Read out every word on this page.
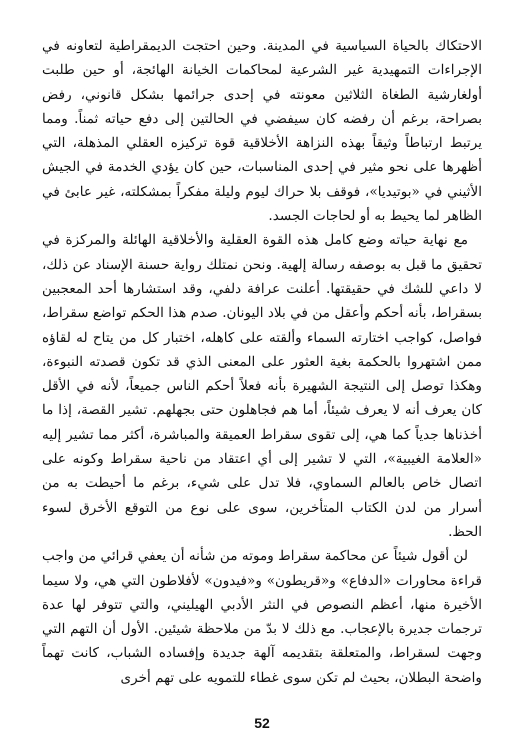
الاحتكاك بالحياة السياسية في المدينة. وحين احتجت الديمقراطية لتعاونه في الإجراءات التمهيدية غير الشرعية لمحاكمات الخيانة الهائجة، أو حين طلبت أولغارشية الطغاة الثلاثين معونته في إحدى جرائمها بشكل قانوني، رفض بصراحة، برغم أن رفضه كان سيفضي في الحالتين إلى دفع حياته ثمناً. ومما يرتبط ارتباطاً وثيقاً بهذه النزاهة الأخلاقية قوة تركيزه العقلي المذهلة، التي أظهرها على نحو مثير في إحدى المناسبات، حين كان يؤدي الخدمة في الجيش الأثيني في «بوتيديا»، فوقف بلا حراك ليوم وليلة مفكراً بمشكلته، غير عابئ في الظاهر لما يحيط به أو لحاجات الجسد.

مع نهاية حياته وضع كامل هذه القوة العقلية والأخلاقية الهائلة والمركزة في تحقيق ما قبل به بوصفه رسالة إلهية. ونحن نمتلك رواية حسنة الإسناد عن ذلك، لا داعي للشك في حقيقتها. أعلنت عرافة دلفي، وقد استشارها أحد المعجبين بسقراط، بأنه أحكم وأعقل من في بلاد اليونان. صدم هذا الحكم تواضع سقراط، فواصل، كواجب اختارته السماء وألقته على كاهله، اختبار كل من يتاح له لقاؤه ممن اشتهروا بالحكمة بغية العثور على المعنى الذي قد تكون قصدته النبوءة، وهكذا توصل إلى النتيجة الشهيرة بأنه فعلاً أحكم الناس جميعاً، لأنه في الأقل كان يعرف أنه لا يعرف شيئاً، أما هم فجاهلون حتى بجهلهم. تشير القصة، إذا ما أخذناها جدياً كما هي، إلى تقوى سقراط العميقة والمباشرة، أكثر مما تشير إليه «العلامة الغيبية»، التي لا تشير إلى أي اعتقاد من ناحية سقراط وكونه على اتصال خاص بالعالم السماوي، فلا تدل على شيء، برغم ما أحيطت به من أسرار من لدن الكتاب المتأخرين، سوى على نوع من التوقع الأخرق لسوء الحظ.

لن أقول شيئاً عن محاكمة سقراط وموته من شأنه أن يعفي قرائي من واجب قراءة محاورات «الدفاع» و«قريطون» و«فيدون» لأفلاطون التي هي، ولا سيما الأخيرة منها، أعظم النصوص في النثر الأدبي الهيليني، والتي تتوفر لها عدة ترجمات جديرة بالإعجاب. مع ذلك لا بدّ من ملاحظة شيئين. الأول أن التهم التي وجهت لسقراط، والمتعلقة بتقديمه آلهة جديدة وإفساده الشباب، كانت تهماً واضحة البطلان، بحيث لم تكن سوى غطاء للتمويه على تهم أخرى

52
